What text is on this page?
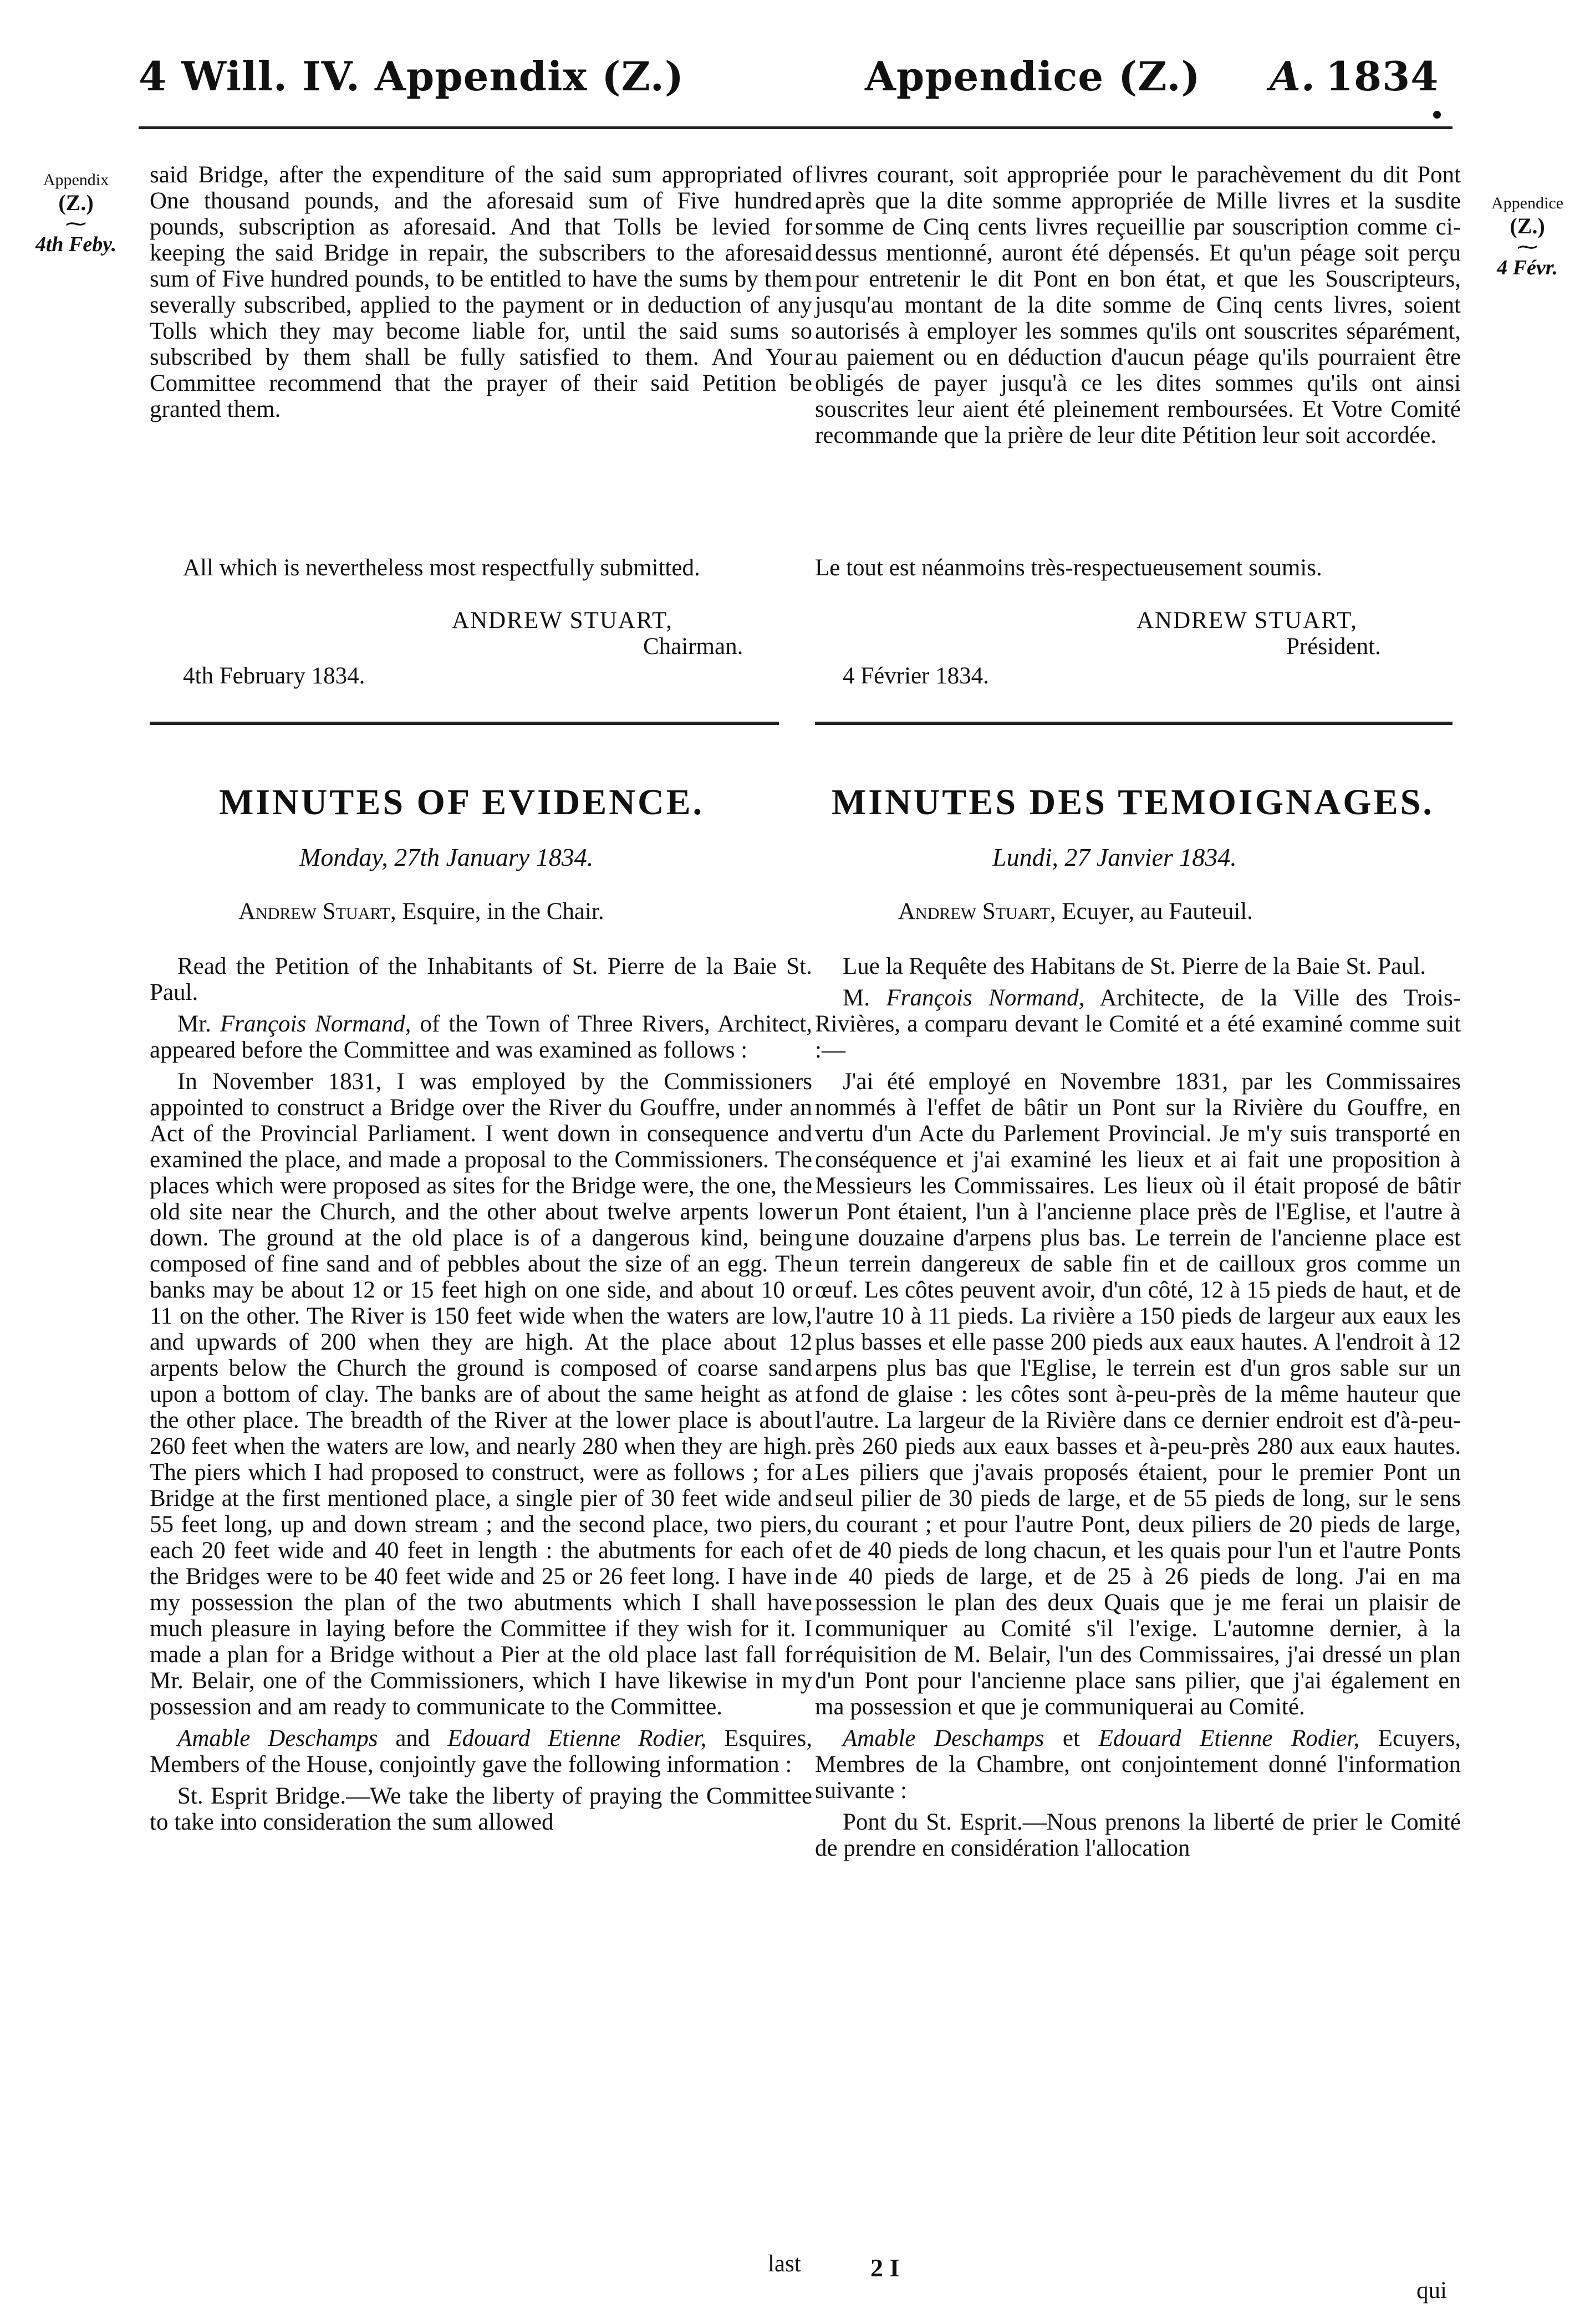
4 Will. IV. Appendix (Z.)	Appendice (Z.) A. 1834
Appendix
(Z.)
⁓
4th Feby.
Appendice
(Z.)
⁓
4 Févr.

said Bridge, after the expenditure of the said sum appropriated of One thousand pounds, and the aforesaid sum of Five hundred pounds, subscription as aforesaid. And that Tolls be levied for keeping the said Bridge in repair, the subscribers to the aforesaid sum of Five hundred pounds, to be entitled to have the sums by them severally subscribed, applied to the payment or in deduction of any Tolls which they may become liable for, until the said sums so subscribed by them shall be fully satisfied to them. And Your Committee recommend that the prayer of their said Petition be granted them.

livres courant, soit appropriée pour le parachèvement du dit Pont après que la dite somme appropriée de Mille livres et la susdite somme de Cinq cents livres reçueillie par souscription comme ci-dessus mentionné, auront été dépensés. Et qu'un péage soit perçu pour entretenir le dit Pont en bon état, et que les Souscripteurs, jusqu'au montant de la dite somme de Cinq cents livres, soient autorisés à employer les sommes qu'ils ont souscrites séparément, au paiement ou en déduction d'aucun péage qu'ils pourraient être obligés de payer jusqu'à ce les dites sommes qu'ils ont ainsi souscrites leur aient été pleinement remboursées. Et Votre Comité recommande que la prière de leur dite Pétition leur soit accordée.

All which is nevertheless most respectfully submitted.	Le tout est néanmoins très-respectueusement soumis.
ANDREW STUART,
Chairman.
4th February 1834.
ANDREW STUART,
Président.
4 Février 1834.
MINUTES OF EVIDENCE.	MINUTES DES TEMOIGNAGES.
Monday, 27th January 1834.	Lundi, 27 Janvier 1834.
Andrew Stuart, Esquire, in the Chair.	Andrew Stuart, Ecuyer, au Fauteuil.

Read the Petition of the Inhabitants of St. Pierre de la Baie St. Paul.

Mr. François Normand, of the Town of Three Rivers, Architect, appeared before the Committee and was examined as follows :

In November 1831, I was employed by the Commissioners appointed to construct a Bridge over the River du Gouffre, under an Act of the Provincial Parliament. I went down in consequence and examined the place, and made a proposal to the Commissioners. The places which were proposed as sites for the Bridge were, the one, the old site near the Church, and the other about twelve arpents lower down. The ground at the old place is of a dangerous kind, being composed of fine sand and of pebbles about the size of an egg. The banks may be about 12 or 15 feet high on one side, and about 10 or 11 on the other. The River is 150 feet wide when the waters are low, and upwards of 200 when they are high. At the place about 12 arpents below the Church the ground is composed of coarse sand upon a bottom of clay. The banks are of about the same height as at the other place. The breadth of the River at the lower place is about 260 feet when the waters are low, and nearly 280 when they are high. The piers which I had proposed to construct, were as follows ; for a Bridge at the first mentioned place, a single pier of 30 feet wide and 55 feet long, up and down stream ; and the second place, two piers, each 20 feet wide and 40 feet in length : the abutments for each of the Bridges were to be 40 feet wide and 25 or 26 feet long. I have in my possession the plan of the two abutments which I shall have much pleasure in laying before the Committee if they wish for it. I made a plan for a Bridge without a Pier at the old place last fall for Mr. Belair, one of the Commissioners, which I have likewise in my possession and am ready to communicate to the Committee.

Amable Deschamps and Edouard Etienne Rodier, Esquires, Members of the House, conjointly gave the following information :

St. Esprit Bridge.—We take the liberty of praying the Committee to take into consideration the sum allowed

Lue la Requête des Habitans de St. Pierre de la Baie St. Paul.

M. François Normand, Architecte, de la Ville des Trois-Rivières, a comparu devant le Comité et a été examiné comme suit :—

J'ai été employé en Novembre 1831, par les Commissaires nommés à l'effet de bâtir un Pont sur la Rivière du Gouffre, en vertu d'un Acte du Parlement Provincial. Je m'y suis transporté en conséquence et j'ai examiné les lieux et ai fait une proposition à Messieurs les Commissaires. Les lieux où il était proposé de bâtir un Pont étaient, l'un à l'ancienne place près de l'Eglise, et l'autre à une douzaine d'arpens plus bas. Le terrein de l'ancienne place est un terrein dangereux de sable fin et de cailloux gros comme un œuf. Les côtes peuvent avoir, d'un côté, 12 à 15 pieds de haut, et de l'autre 10 à 11 pieds. La rivière a 150 pieds de largeur aux eaux les plus basses et elle passe 200 pieds aux eaux hautes. A l'endroit à 12 arpens plus bas que l'Eglise, le terrein est d'un gros sable sur un fond de glaise : les côtes sont à-peu-près de la même hauteur que l'autre. La largeur de la Rivière dans ce dernier endroit est d'à-peu-près 260 pieds aux eaux basses et à-peu-près 280 aux eaux hautes. Les piliers que j'avais proposés étaient, pour le premier Pont un seul pilier de 30 pieds de large, et de 55 pieds de long, sur le sens du courant ; et pour l'autre Pont, deux piliers de 20 pieds de large, et de 40 pieds de long chacun, et les quais pour l'un et l'autre Ponts de 40 pieds de large, et de 25 à 26 pieds de long. J'ai en ma possession le plan des deux Quais que je me ferai un plaisir de communiquer au Comité s'il l'exige. L'automne dernier, à la réquisition de M. Belair, l'un des Commissaires, j'ai dressé un plan d'un Pont pour l'ancienne place sans pilier, que j'ai également en ma possession et que je communiquerai au Comité.

Amable Deschamps et Edouard Etienne Rodier, Ecuyers, Membres de la Chambre, ont conjointement donné l'information suivante :

Pont du St. Esprit.—Nous prenons la liberté de prier le Comité de prendre en considération l'allocation

last
qui
2 I
